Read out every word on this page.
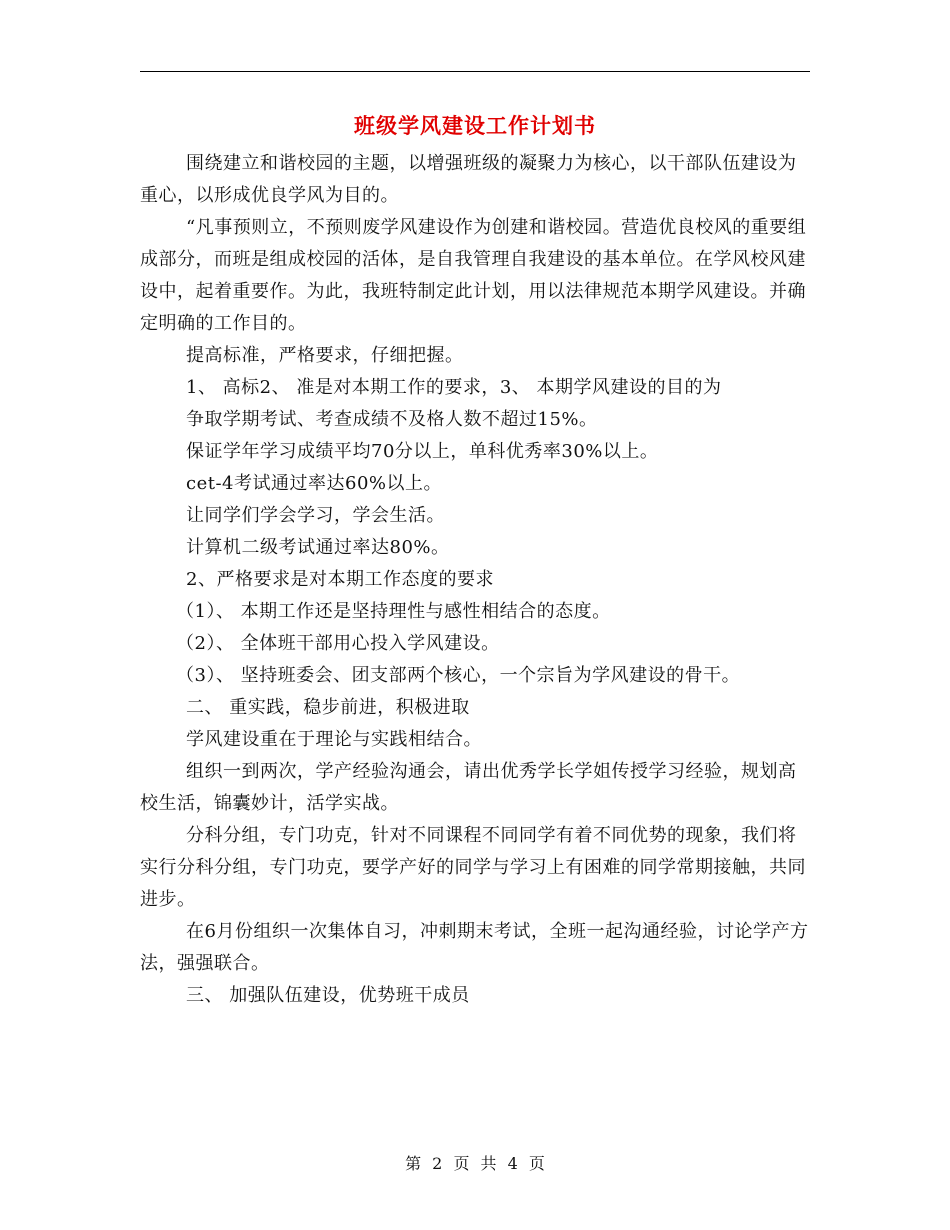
班级学风建设工作计划书

围绕建立和谐校园的主题，以增强班级的凝聚力为核心，以干部队伍建设为重心，以形成优良学风为目的。

“凡事预则立，不预则废学风建设作为创建和谐校园。营造优良校风的重要组成部分，而班是组成校园的活体，是自我管理自我建设的基本单位。在学风校风建设中，起着重要作。为此，我班特制定此计划，用以法律规范本期学风建设。并确定明确的工作目的。

提高标准，严格要求，仔细把握。

1、 高标2、 准是对本期工作的要求，3、 本期学风建设的目的为

争取学期考试、考查成绩不及格人数不超过15%。

保证学年学习成绩平均70分以上，单科优秀率30%以上。

cet-4考试通过率达60%以上。

让同学们学会学习，学会生活。

计算机二级考试通过率达80%。

2、严格要求是对本期工作态度的要求

（1）、 本期工作还是坚持理性与感性相结合的态度。

（2）、 全体班干部用心投入学风建设。

（3）、 坚持班委会、团支部两个核心，一个宗旨为学风建设的骨干。

二、 重实践，稳步前进，积极进取

学风建设重在于理论与实践相结合。

组织一到两次，学产经验沟通会，请出优秀学长学姐传授学习经验，规划高校生活，锦囊妙计，活学实战。

分科分组，专门功克，针对不同课程不同同学有着不同优势的现象，我们将实行分科分组，专门功克，要学产好的同学与学习上有困难的同学常期接触，共同进步。

在6月份组织一次集体自习，冲刺期末考试，全班一起沟通经验，讨论学产方法，强强联合。

三、 加强队伍建设，优势班干成员

第 2 页 共 4 页
